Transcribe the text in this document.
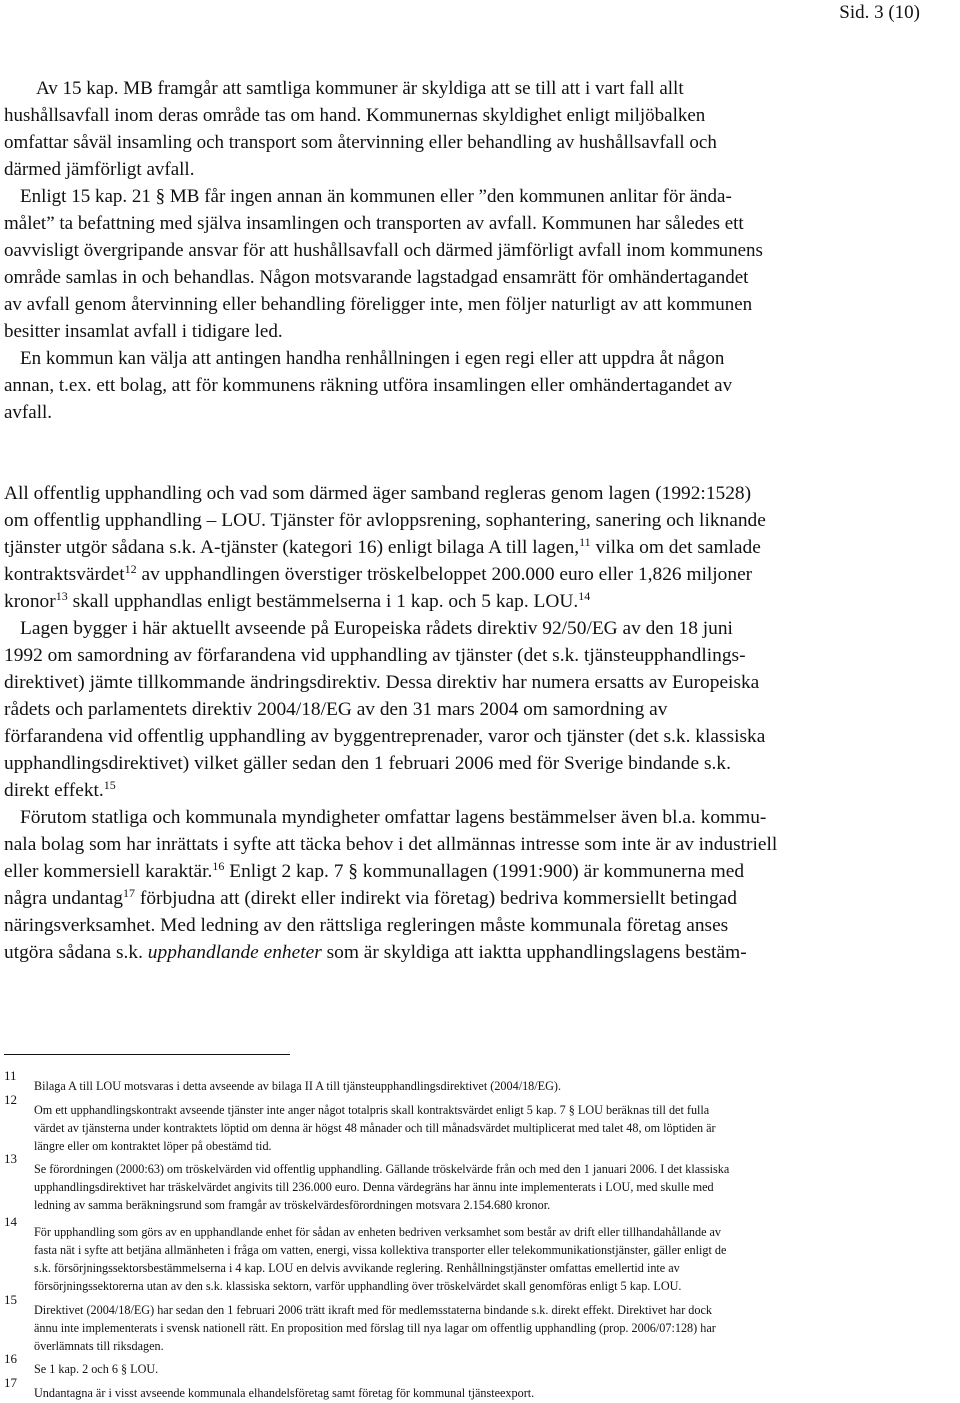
Sid. 3 (10)
Av 15 kap. MB framgår att samtliga kommuner är skyldiga att se till att i vart fall allt
hushållsavfall inom deras område tas om hand. Kommunernas skyldighet enligt miljöbalken
omfattar såväl insamling och transport som återvinning eller behandling av hushållsavfall och
därmed jämförligt avfall.
Enligt 15 kap. 21 § MB får ingen annan än kommunen eller ”den kommunen anlitar för ända-
målet” ta befattning med själva insamlingen och transporten av avfall. Kommunen har således ett
oavvisligt övergripande ansvar för att hushållsavfall och därmed jämförligt avfall inom kommunens
område samlas in och behandlas. Någon motsvarande lagstadgad ensamrätt för omhändertagandet
av avfall genom återvinning eller behandling föreligger inte, men följer naturligt av att kommunen
besitter insamlat avfall i tidigare led.
En kommun kan välja att antingen handha renhållningen i egen regi eller att uppdra åt någon
annan, t.ex. ett bolag, att för kommunens räkning utföra insamlingen eller omhändertagandet av
avfall.
All offentlig upphandling och vad som därmed äger samband regleras genom lagen (1992:1528)
om offentlig upphandling – LOU. Tjänster för avloppsrening, sophantering, sanering och liknande
tjänster utgör sådana s.k. A-tjänster (kategori 16) enligt bilaga A till lagen,$^{11}$ vilka om det samlade
kontraktsvärdet$^{12}$ av upphandlingen överstiger tröskelbeloppet 200.000 euro eller 1,826 miljoner
kronor$^{13}$ skall upphandlas enligt bestämmelserna i 1 kap. och 5 kap. LOU.$^{14}$
Lagen bygger i här aktuellt avseende på Europeiska rådets direktiv 92/50/EG av den 18 juni
1992 om samordning av förfarandena vid upphandling av tjänster (det s.k. tjänsteupphandlings-
direktivet) jämte tillkommande ändringsdirektiv. Dessa direktiv har numera ersatts av Europeiska
rådets och parlamentets direktiv 2004/18/EG av den 31 mars 2004 om samordning av
förfarandena vid offentlig upphandling av byggentreprenader, varor och tjänster (det s.k. klassiska
upphandlingsdirektivet) vilket gäller sedan den 1 februari 2006 med för Sverige bindande s.k.
direkt effekt.$^{15}$
Förutom statliga och kommunala myndigheter omfattar lagens bestämmelser även bl.a. kommu-
nala bolag som har inrättats i syfte att täcka behov i det allmännas intresse som inte är av industriell
eller kommersiell karaktär.$^{16}$ Enligt 2 kap. 7 § kommunallagen (1991:900) är kommunerna med
några undantag$^{17}$ förbjudna att (direkt eller indirekt via företag) bedriva kommersiellt betingad
näringsverksamhet. Med ledning av den rättsliga regleringen måste kommunala företag anses
utgöra sådana s.k. upphandlande enheter som är skyldiga att iaktta upphandlingslagens bestäm-
11
Bilaga A till LOU motsvaras i detta avseende av bilaga II A till tjänsteupphandlingsdirektivet (2004/18/EG).
12
Om ett upphandlingskontrakt avseende tjänster inte anger något totalpris skall kontraktsvärdet enligt 5 kap. 7 § LOU beräknas till det fulla
värdet av tjänsterna under kontraktets löptid om denna är högst 48 månader och till månadsvärdet multiplicerat med talet 48, om löptiden är
längre eller om kontraktet löper på obestämd tid.
13
Se förordningen (2000:63) om tröskelvärden vid offentlig upphandling. Gällande tröskelvärde från och med den 1 januari 2006. I det klassiska
upphandlingsdirektivet har träskelvärdet angivits till 236.000 euro. Denna värdegräns har ännu inte implementerats i LOU, med skulle med
ledning av samma beräkningsrund som framgår av tröskelvärdesförordningen motsvara 2.154.680 kronor.
14
För upphandling som görs av en upphandlande enhet för sådan av enheten bedriven verksamhet som består av drift eller tillhandahållande av
fasta nät i syfte att betjäna allmänheten i fråga om vatten, energi, vissa kollektiva transporter eller telekommunikationstjänster, gäller enligt de
s.k. försörjningssektorsbestämmelserna i 4 kap. LOU en delvis avvikande reglering. Renhållningstjänster omfattas emellertid inte av
försörjningssektorerna utan av den s.k. klassiska sektorn, varför upphandling över tröskelvärdet skall genomföras enligt 5 kap. LOU.
15
Direktivet (2004/18/EG) har sedan den 1 februari 2006 trätt ikraft med för medlemsstaterna bindande s.k. direkt effekt. Direktivet har dock
ännu inte implementerats i svensk nationell rätt. En proposition med förslag till nya lagar om offentlig upphandling (prop. 2006/07:128) har
överlämnats till riksdagen.
16
Se 1 kap. 2 och 6 § LOU.
17
Undantagna är i visst avseende kommunala elhandelsföretag samt företag för kommunal tjänsteexport.
